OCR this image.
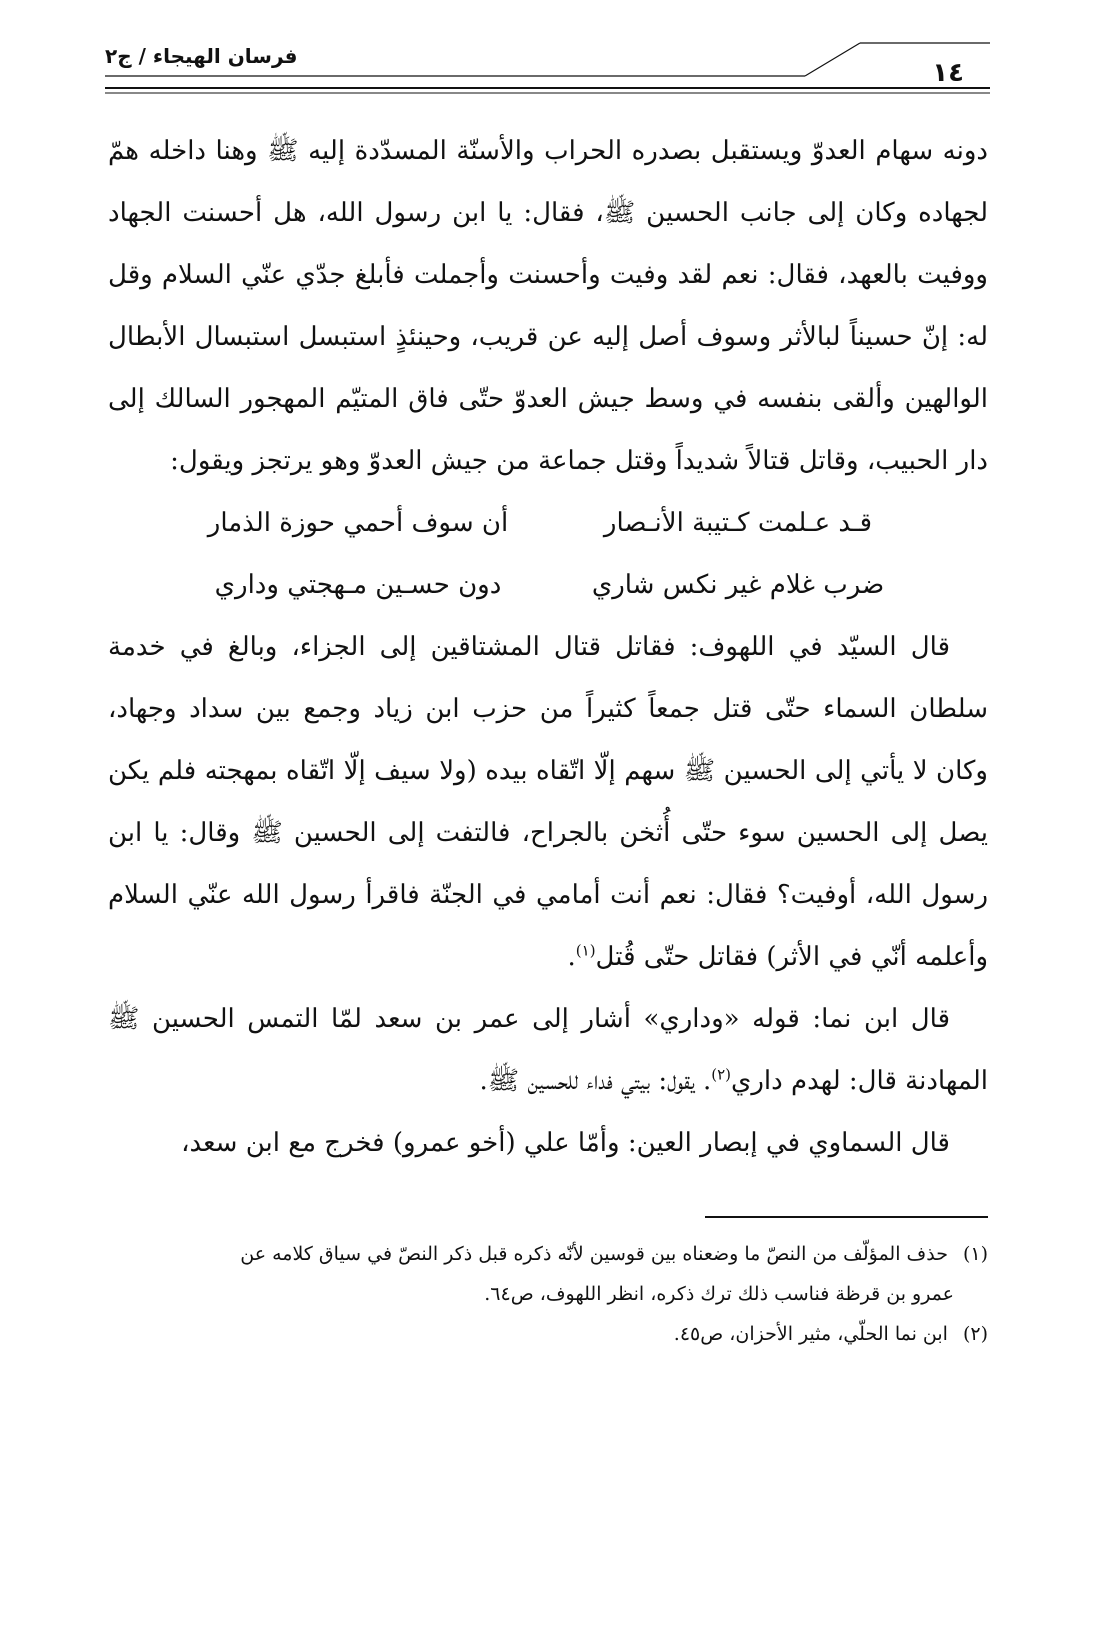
١٤
فرسان الهيجاء / ج٢

دونه سهام العدوّ ويستقبل بصدره الحراب والأسنّة المسدّدة إليه ﷺ وهنا داخله همّ لجهاده وكان إلى جانب الحسين ﷺ، فقال: يا ابن رسول الله، هل أحسنت الجهاد ووفيت بالعهد، فقال: نعم لقد وفيت وأحسنت وأجملت فأبلغ جدّي عنّي السلام وقل له: إنّ حسيناً لبالأثر وسوف أصل إليه عن قريب، وحينئذٍ استبسل استبسال الأبطال الوالهين وألقى بنفسه في وسط جيش العدوّ حتّى فاق المتيّم المهجور السالك إلى دار الحبيب، وقاتل قتالاً شديداً وقتل جماعة من جيش العدوّ وهو يرتجز ويقول:

قـد عـلمت كـتيبة الأنـصار
أن سوف أحمي حوزة الذمار
ضرب غلام غير نكس شاري
دون حسـين مـهجتي وداري

قال السيّد في اللهوف: فقاتل قتال المشتاقين إلى الجزاء، وبالغ في خدمة سلطان السماء حتّى قتل جمعاً كثيراً من حزب ابن زياد وجمع بين سداد وجهاد، وكان لا يأتي إلى الحسين ﷺ سهم إلّا اتّقاه بيده (ولا سيف إلّا اتّقاه بمهجته فلم يكن يصل إلى الحسين سوء حتّى أُثخن بالجراح، فالتفت إلى الحسين ﷺ وقال: يا ابن رسول الله، أوفيت؟ فقال: نعم أنت أمامي في الجنّة فاقرأ رسول الله عنّي السلام وأعلمه أنّي في الأثر) فقاتل حتّى قُتل$^{(١)}$.

قال ابن نما: قوله «وداري» أشار إلى عمر بن سعد لمّا التمس الحسين ﷺ المهادنة قال: لهدم داري$^{(٢)}$. يقول: بيتي فداء للحسين ﷺ.

قال السماوي في إبصار العين: وأمّا علي (أخو عمرو) فخرج مع ابن سعد،

(١) حذف المؤلّف من النصّ ما وضعناه بين قوسين لأنّه ذكره قبل ذكر النصّ في سياق كلامه عن

عمرو بن قرظة فناسب ذلك ترك ذكره، انظر اللهوف، ص٦٤.

(٢) ابن نما الحلّي، مثير الأحزان، ص٤٥.
